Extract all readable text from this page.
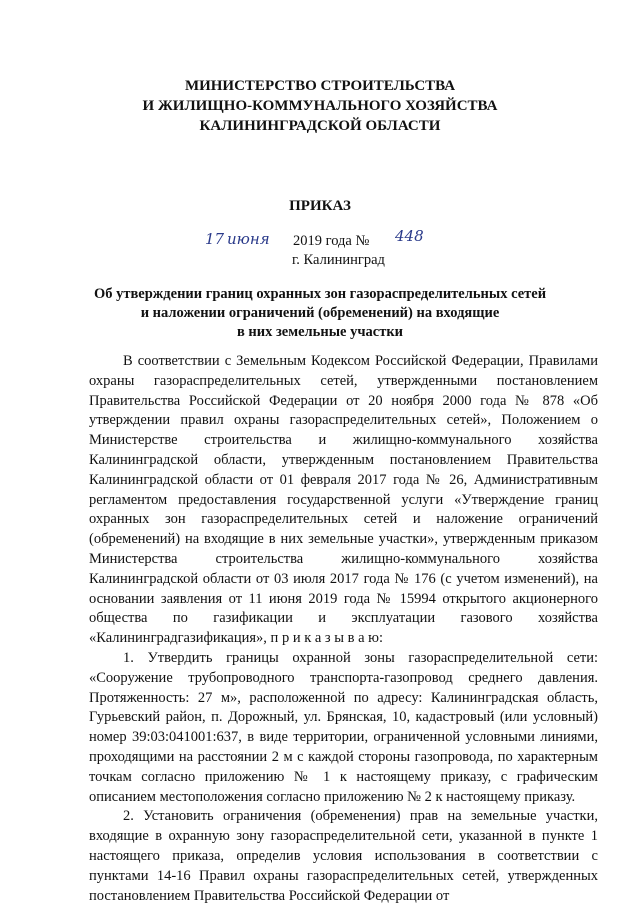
МИНИСТЕРСТВО СТРОИТЕЛЬСТВА
И ЖИЛИЩНО-КОММУНАЛЬНОГО ХОЗЯЙСТВА
КАЛИНИНГРАДСКОЙ ОБЛАСТИ
ПРИКАЗ
17 июня 2019 года № 448
г. Калининград
Об утверждении границ охранных зон газораспределительных сетей
и наложении ограничений (обременений) на входящие
в них земельные участки

В соответствии с Земельным Кодексом Российской Федерации, Правилами охраны газораспределительных сетей, утвержденными постановлением Правительства Российской Федерации от 20 ноября 2000 года № 878 «Об утверждении правил охраны газораспределительных сетей», Положением о Министерстве строительства и жилищно-коммунального хозяйства Калининградской области, утвержденным постановлением Правительства Калининградской области от 01 февраля 2017 года № 26, Административным регламентом предоставления государственной услуги «Утверждение границ охранных зон газораспределительных сетей и наложение ограничений (обременений) на входящие в них земельные участки», утвержденным приказом Министерства строительства жилищно-коммунального хозяйства Калининградской области от 03 июля 2017 года № 176 (с учетом изменений), на основании заявления от 11 июня 2019 года № 15994 открытого акционерного общества по газификации и эксплуатации газового хозяйства «Калининградгазификация», п р и к а з ы в а ю:

1. Утвердить границы охранной зоны газораспределительной сети: «Сооружение трубопроводного транспорта-газопровод среднего давления. Протяженность: 27 м», расположенной по адресу: Калининградская область, Гурьевский район, п. Дорожный, ул. Брянская, 10, кадастровый (или условный) номер 39:03:041001:637, в виде территории, ограниченной условными линиями, проходящими на расстоянии 2 м с каждой стороны газопровода, по характерным точкам согласно приложению № 1 к настоящему приказу, с графическим описанием местоположения согласно приложению № 2 к настоящему приказу.

2. Установить ограничения (обременения) прав на земельные участки, входящие в охранную зону газораспределительной сети, указанной в пункте 1 настоящего приказа, определив условия использования в соответствии с пунктами 14-16 Правил охраны газораспределительных сетей, утвержденных постановлением Правительства Российской Федерации от
